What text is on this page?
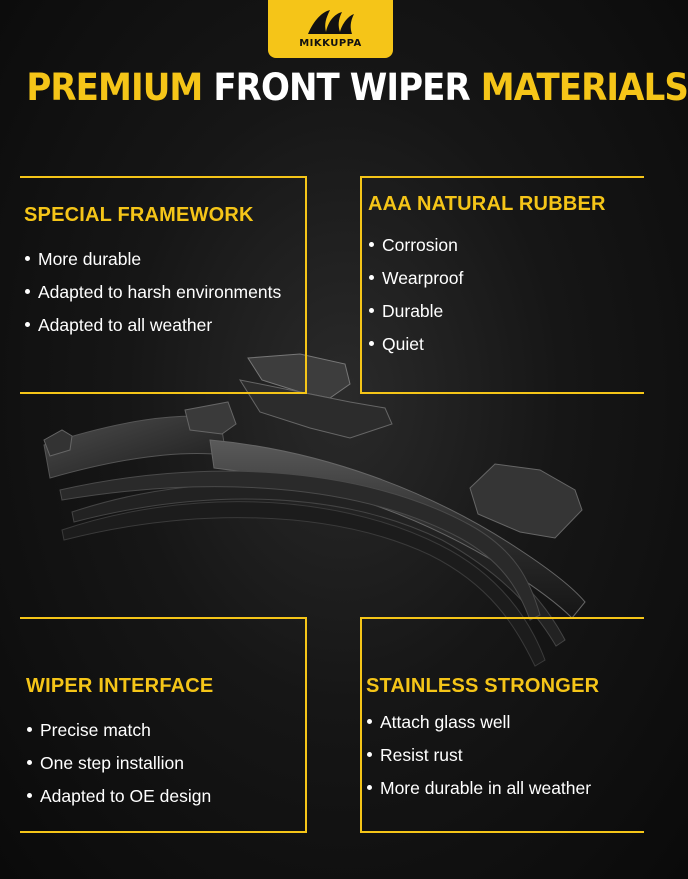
MIKKUPPA
PREMIUM FRONT WIPER MATERIALS
SPECIAL FRAMEWORK
More durable
Adapted to harsh environments
Adapted to all weather
AAA NATURAL RUBBER
Corrosion
Wearproof
Durable
Quiet
WIPER INTERFACE
Precise match
One step installion
Adapted to OE design
STAINLESS STRONGER
Attach glass well
Resist rust
More durable in all weather
